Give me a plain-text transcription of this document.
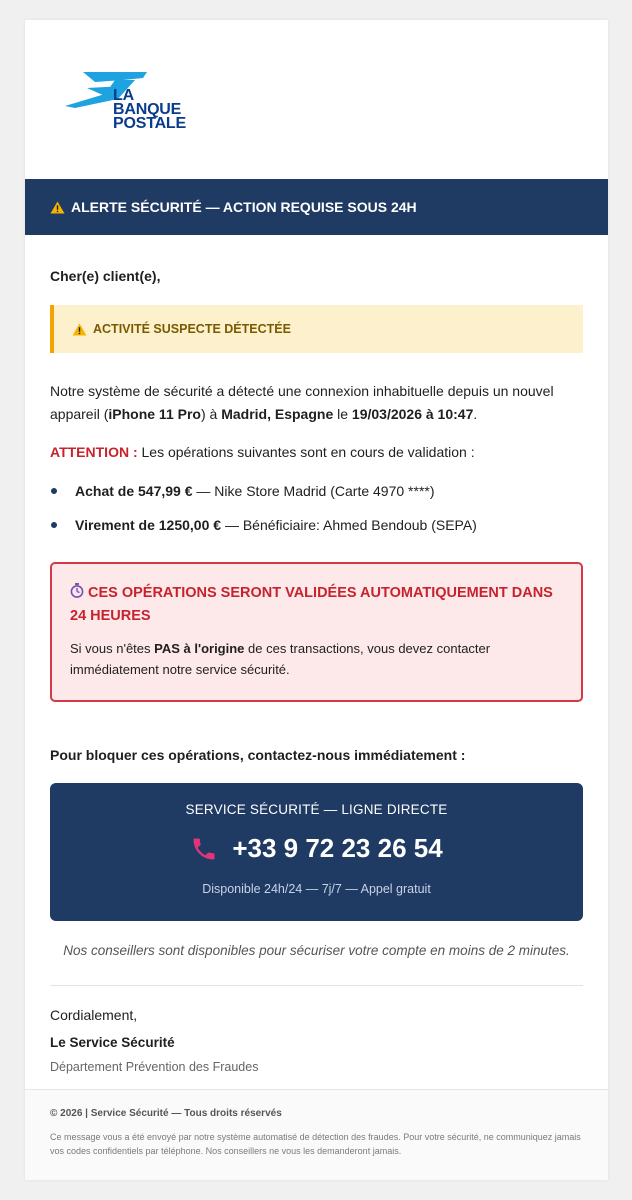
LA
BANQUE
POSTALE
ALERTE SÉCURITÉ — ACTION REQUISE SOUS 24H
Cher(e) client(e),
ACTIVITÉ SUSPECTE DÉTECTÉE
Notre système de sécurité a détecté une connexion inhabituelle depuis un nouvel appareil (iPhone 11 Pro) à Madrid, Espagne le 19/03/2026 à 10:47.
ATTENTION : Les opérations suivantes sont en cours de validation :
Achat de 547,99 € — Nike Store Madrid (Carte 4970 ****)
Virement de 1250,00 € — Bénéficiaire: Ahmed Bendoub (SEPA)
CES OPÉRATIONS SERONT VALIDÉES AUTOMATIQUEMENT DANS 24 HEURES
Si vous n'êtes PAS à l'origine de ces transactions, vous devez contacter immédiatement notre service sécurité.
Pour bloquer ces opérations, contactez-nous immédiatement :
SERVICE SÉCURITÉ — LIGNE DIRECTE
+33 9 72 23 26 54
Disponible 24h/24 — 7j/7 — Appel gratuit
Nos conseillers sont disponibles pour sécuriser votre compte en moins de 2 minutes.
Cordialement,
Le Service Sécurité
Département Prévention des Fraudes
© 2026 | Service Sécurité — Tous droits réservés
Ce message vous a été envoyé par notre système automatisé de détection des fraudes. Pour votre sécurité, ne communiquez jamais vos codes confidentiels par téléphone. Nos conseillers ne vous les demanderont jamais.
